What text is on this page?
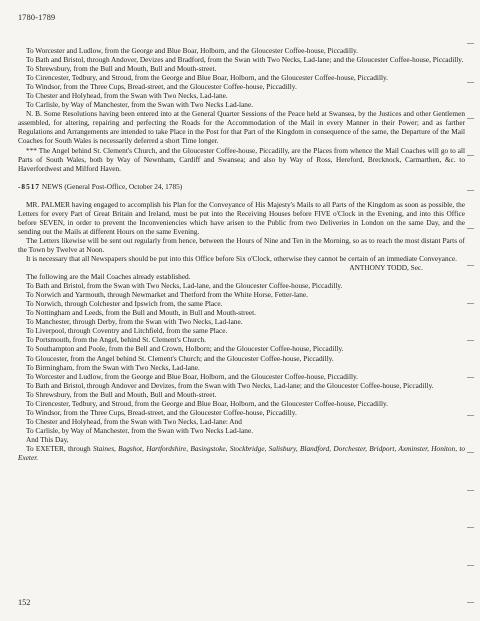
1780-1789

To Worcester and Ludlow, from the George and Blue Boar, Holborn, and the Gloucester Coffee-house, Piccadilly.

To Bath and Bristol, through Andover, Devizes and Bradford, from the Swan with Two Necks, Lad-lane; and the Gloucester Coffee-house, Piccadilly.

To Shrewsbury, from the Bull and Mouth, Bull and Mouth-street.

To Cirencester, Tedbury, and Stroud, from the George and Blue Boar, Holborn, and the Gloucester Coffee-house, Piccadilly.

To Windsor, from the Three Cups, Bread-street, and the Gloucester Coffee-house, Piccadilly.

To Chester and Holyhead, from the Swan with Two Necks, Lad-lane.

To Carlisle, by Way of Manchester, from the Swan with Two Necks Lad-lane.

N. B. Some Resolutions having been entered into at the General Quarter Sessions of the Peace held at Swansea, by the Justices and other Gentlemen assembled, for altering, repairing and perfecting the Roads for the Accommodation of the Mail in every Manner in their Power; and as farther Regulations and Arrangements are intended to take Place in the Post for that Part of the Kingdom in consequence of the same, the Departure of the Mail Coaches for South Wales is necessarily deferred a short Time longer.

*** The Angel behind St. Clement's Church, and the Gloucester Coffee-house, Piccadilly, are the Places from whence the Mail Coaches will go to all Parts of South Wales, both by Way of Newnham, Cardiff and Swansea; and also by Way of Ross, Hereford, Brecknock, Carmarthen, &c. to Haverfordwest and Milford Haven.

-8517 NEWS (General Post-Office, October 24, 1785)

MR. PALMER having engaged to accomplish his Plan for the Conveyance of His Majesty's Mails to all Parts of the Kingdom as soon as possible, the Letters for every Part of Great Britain and Ireland, must be put into the Receiving Houses before FIVE o'Clock in the Evening, and into this Office before SEVEN, in order to prevent the Inconveniencies which have arisen to the Public from two Deliveries in London on the same Day, and the sending out the Mails at different Hours on the same Evening.

The Letters likewise will be sent out regularly from hence, between the Hours of Nine and Ten in the Morning, so as to reach the most distant Parts of the Town by Twelve at Noon.

It is necessary that all Newspapers should be put into this Office before Six o'Clock, otherwise they cannot be certain of an immediate Conveyance.

ANTHONY TODD, Sec.

The following are the Mail Coaches already established.

To Bath and Bristol, from the Swan with Two Necks, Lad-lane, and the Gloucester Coffee-house, Piccadilly.

To Norwich and Yarmouth, through Newmarket and Thetford from the White Horse, Fetter-lane.

To Norwich, through Colchester and Ipswich from, the same Place.

To Nottingham and Leeds, from the Bull and Mouth, in Bull and Mouth-street.

To Manchester, through Derby, from the Swan with Two Necks, Lad-lane.

To Liverpool, through Coventry and Litchfield, from the same Place.

To Portsmouth, from the Angel, behind St. Clement's Church.

To Southampton and Poole, from the Bell and Crown, Holborn; and the Gloucester Coffee-house, Piccadilly.

To Gloucester, from the Angel behind St. Clement's Church; and the Gloucester Coffee-house, Piccadilly.

To Birmingham, from the Swan with Two Necks, Lad-lane.

To Worcester and Ludlow, from the George and Blue Boar, Holborn, and the Gloucester Coffee-house, Piccadilly.

To Bath and Bristol, through Andover and Devizes, from the Swan with Two Necks, Lad-lane; and the Gloucester Coffee-house, Piccadilly.

To Shrewsbury, from the Bull and Mouth, Bull and Mouth-street.

To Cirencester, Tedbury, and Stroud, from the George and Blue Boar, Holborn, and the Gloucester Coffee-house, Piccadilly.

To Windsor, from the Three Cups, Bread-street, and the Gloucester Coffee-house, Piccadilly.

To Chester and Holyhead, from the Swan with Two Necks, Lad-lane: And

To Carlisle, by Way of Manchester, from the Swan with Two Necks Lad-lane.

And This Day,

To EXETER, through Staines, Bagshot, Hartfordshire, Basingstoke, Stockbridge, Salisbury, Blandford, Dorchester, Bridport, Axminster, Honiton, to Exeter.

152
